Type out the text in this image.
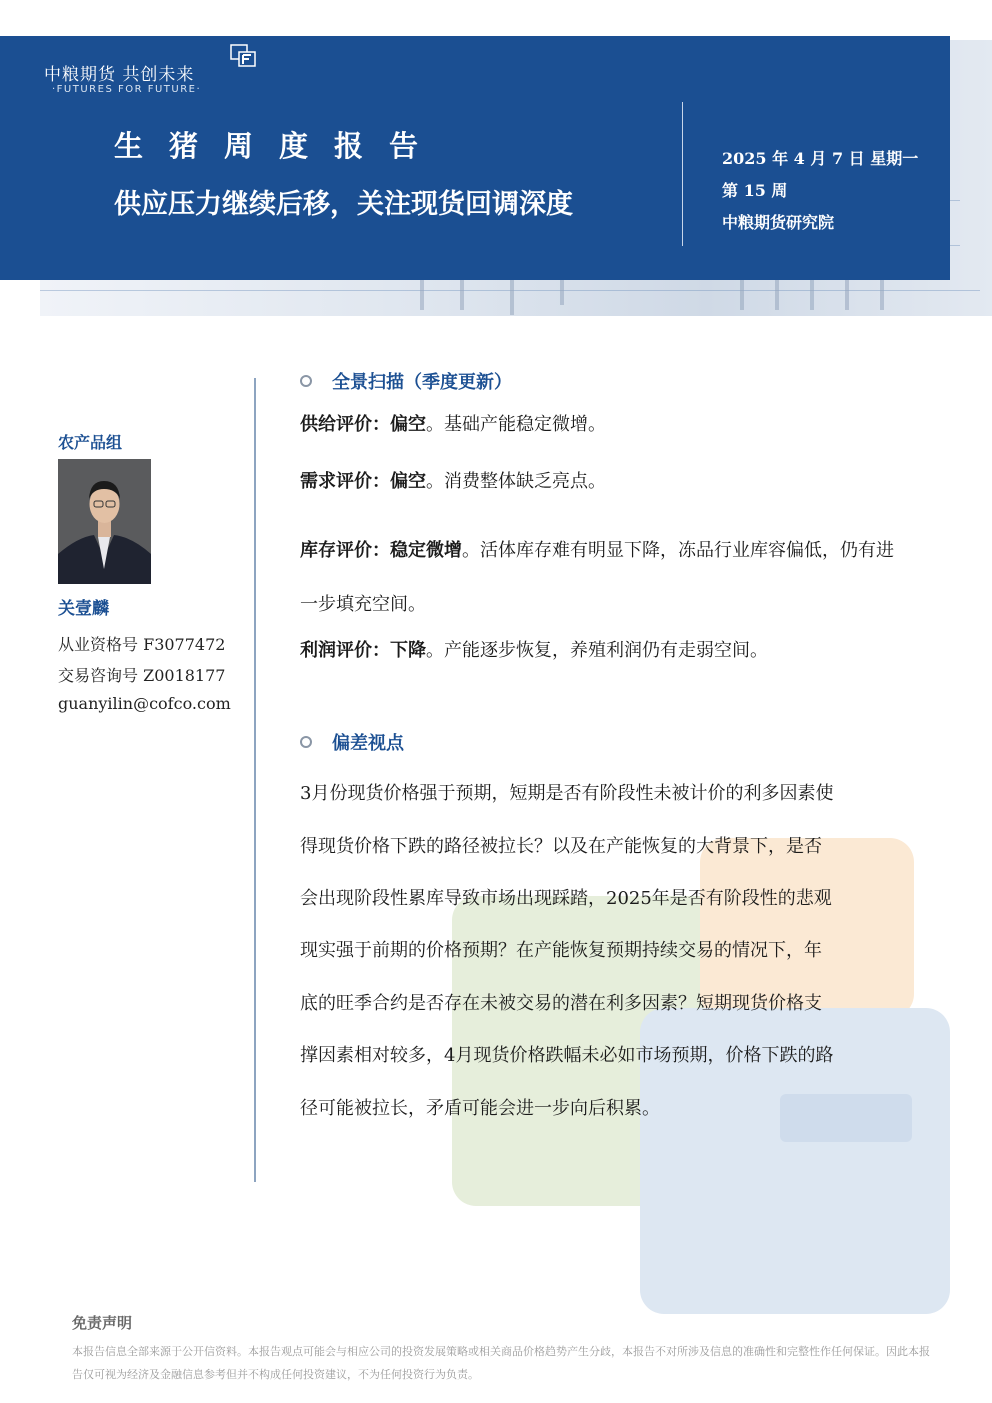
中粮期货 共创未来
·FUTURES FOR FUTURE·
生猪周度报告
供应压力继续后移，关注现货回调深度
2025 年 4 月 7 日 星期一
第 15 周
中粮期货研究院
农产品组
关壹麟
从业资格号 F3077472
交易咨询号 Z0018177
guanyilin@cofco.com
全景扫描（季度更新）
供给评价：偏空。基础产能稳定微增。
需求评价：偏空。消费整体缺乏亮点。
库存评价：稳定微增。活体库存难有明显下降，冻品行业库容偏低，仍有进一步填充空间。
利润评价：下降。产能逐步恢复，养殖利润仍有走弱空间。
偏差视点
3月份现货价格强于预期，短期是否有阶段性未被计价的利多因素使
得现货价格下跌的路径被拉长？以及在产能恢复的大背景下，是否
会出现阶段性累库导致市场出现踩踏，2025年是否有阶段性的悲观
现实强于前期的价格预期？在产能恢复预期持续交易的情况下，年
底的旺季合约是否存在未被交易的潜在利多因素？短期现货价格支
撑因素相对较多，4月现货价格跌幅未必如市场预期，价格下跌的路
径可能被拉长，矛盾可能会进一步向后积累。
免责声明
本报告信息全部来源于公开信资料。本报告观点可能会与相应公司的投资发展策略或相关商品价格趋势产生分歧，本报告不对所涉及信息的准确性和完整性作任何保证。因此本报告仅可视为经济及金融信息参考但并不构成任何投资建议，不为任何投资行为负责。
